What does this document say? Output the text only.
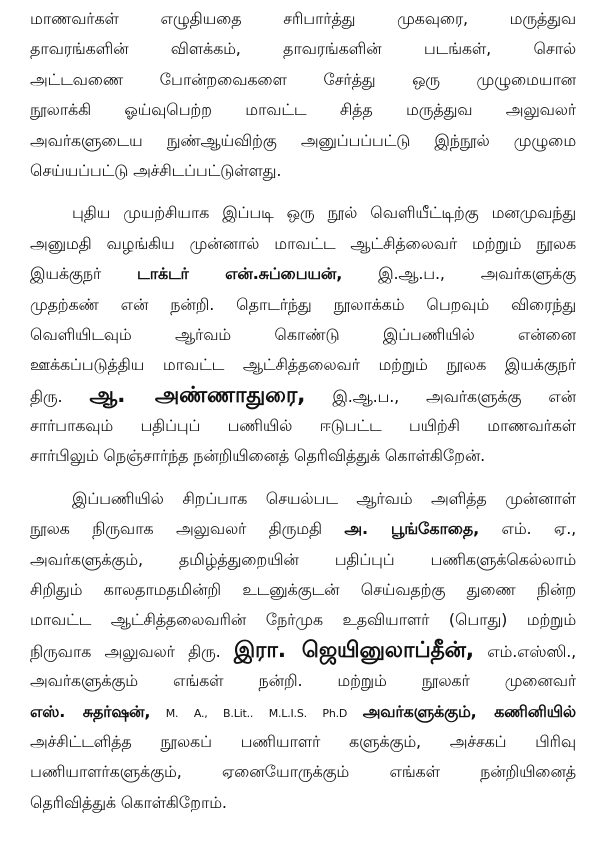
மாணவர்கள் எழுதியதை சரிபார்த்து முகவுரை, மருத்துவ
தாவரங்களின் விளக்கம், தாவரங்களின் படங்கள், சொல்
அட்டவணை போன்றவைகளை சேர்த்து ஒரு முழுமையான
நூலாக்கி ஓய்வுபெற்ற மாவட்ட சித்த மருத்துவ அலுவலர்
அவர்களுடைய நுண்ஆய்விற்கு அனுப்பப்பட்டு இந்நூல் முழுமை
செய்யப்பட்டு அச்சிடப்பட்டுள்ளது.
புதிய முயற்சியாக இப்படி ஒரு நூல் வெளியீட்டிற்கு மனமுவந்து
அனுமதி வழங்கிய முன்னால் மாவட்ட ஆட்சித்லைவர் மற்றும் நூலக
இயக்குநர் டாக்டர் என்.சுப்பையன், இ.ஆ.ப., அவர்களுக்கு
முதற்கண் என் நன்றி. தொடர்ந்து நூலாக்கம் பெறவும் விரைந்து
வெளியிடவும் ஆர்வம் கொண்டு இப்பணியில் என்னை
ஊக்கப்படுத்திய மாவட்ட ஆட்சித்தலைவர் மற்றும் நூலக இயக்குநர்
திரு. ஆ. அண்ணாதுரை, இ.ஆ.ப., அவர்களுக்கு என்
சார்பாகவும் பதிப்புப் பணியில் ஈடுபட்ட பயிற்சி மாணவர்கள்
சார்பிலும் நெஞ்சார்ந்த நன்றியினைத் தெரிவித்துக் கொள்கிறேன்.
இப்பணியில் சிறப்பாக செயல்பட ஆர்வம் அளித்த முன்னாள்
நூலக நிருவாக அலுவலர் திருமதி அ. பூங்கோதை, எம். ஏ.,
அவர்களுக்கும், தமிழ்த்துறையின் பதிப்புப் பணிகளுக்கெல்லாம்
சிறிதும் காலதாமதமின்றி உடனுக்குடன் செய்வதற்கு துணை நின்ற
மாவட்ட ஆட்சித்தலைவரின் நேர்முக உதவியாளர் (பொது) மற்றும்
நிருவாக அலுவலர் திரு. இரா. ஜெயினுலாப்தீன், எம்.எஸ்ஸி.,
அவர்களுக்கும் எங்கள் நன்றி. மற்றும் நூலகர் முனைவர்
எஸ். சுதர்ஷன், M. A., B.Lit.. M.L.I.S. Ph.D அவர்களுக்கும், கணினியில்
அச்சிட்டளித்த நூலகப் பணியாளர் களுக்கும், அச்சகப் பிரிவு
பணியாளர்களுக்கும், ஏனையோருக்கும் எங்கள் நன்றியினைத்
தெரிவித்துக் கொள்கிறோம்.
